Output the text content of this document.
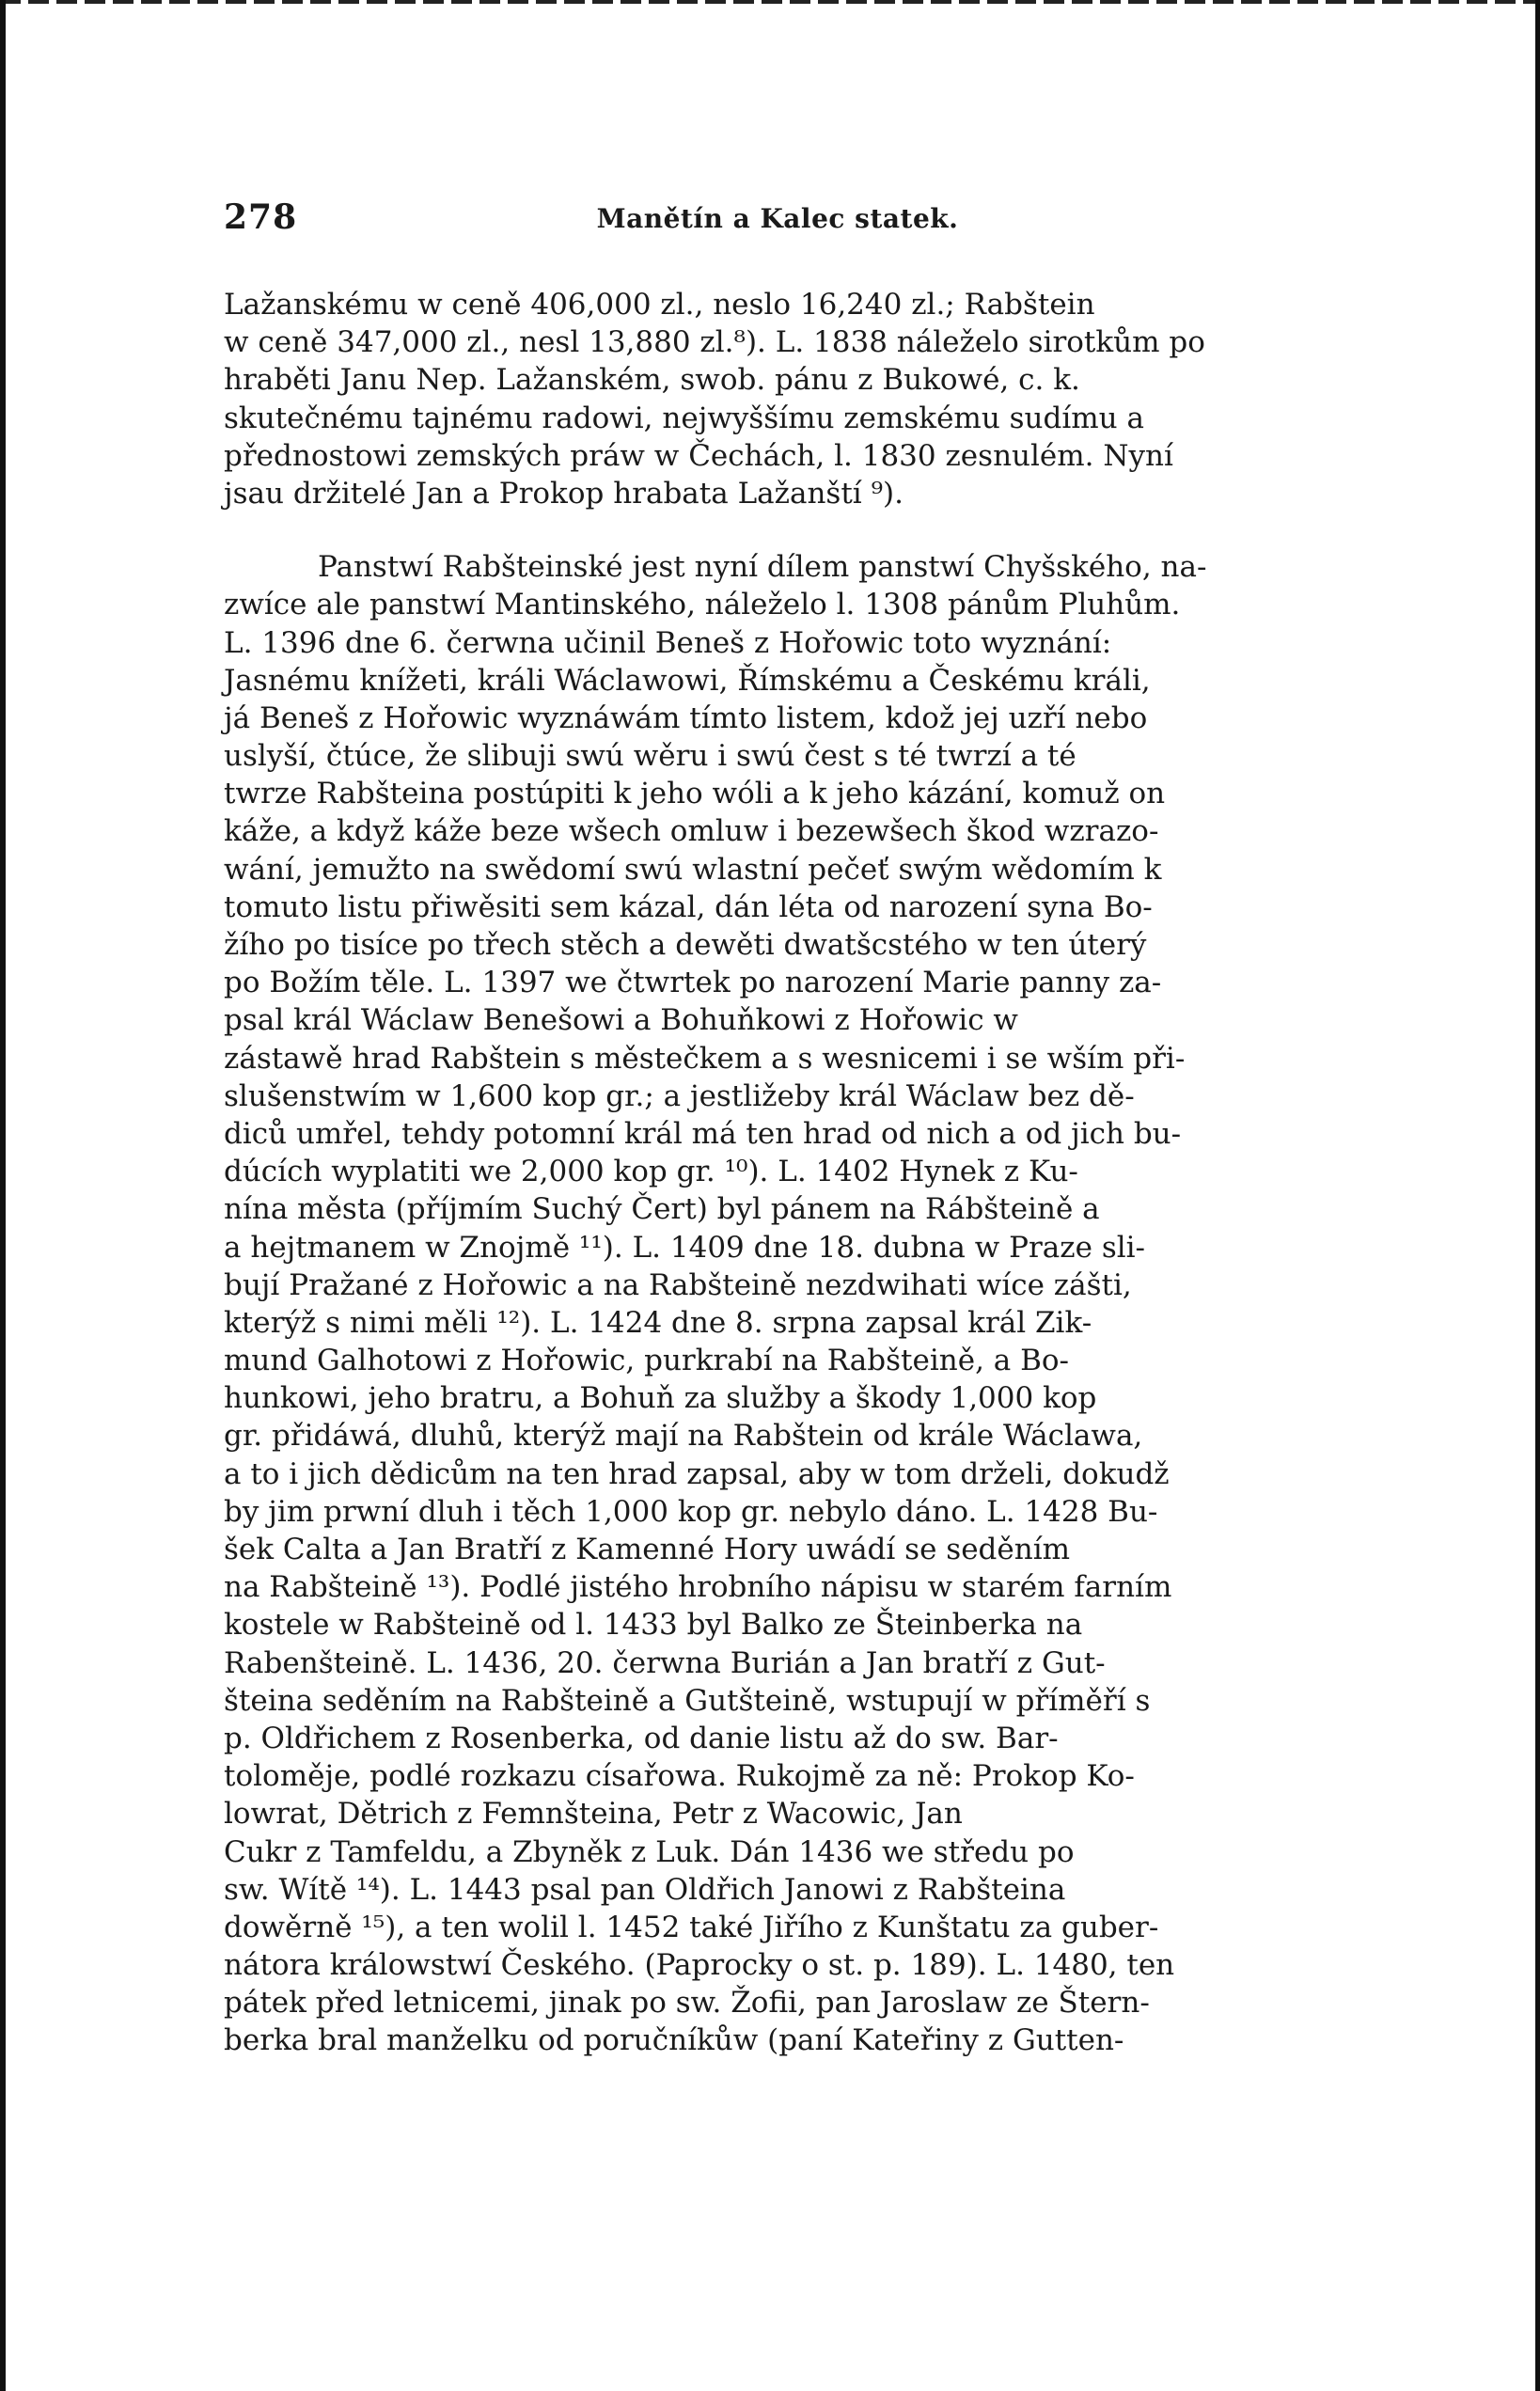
278	Manětín a Kalec statek.
Lažanskému w ceně 406,000 zl., neslo 16,240 zl.; Rabštein
w ceně 347,000 zl., nesl 13,880 zl.⁸). L. 1838 náleželo sirotkům po
hraběti Janu Nep. Lažanském, swob. pánu z Bukowé, c. k.
skutečnému tajnému radowi, nejwyššímu zemskému sudímu a
přednostowi zemských práw w Čechách, l. 1830 zesnulém. Nyní
jsau držitelé Jan a Prokop hrabata Lažanští ⁹).
Panstwí Rabšteinské jest nyní dílem panstwí Chyšského, na-
zwíce ale panstwí Mantinského, náleželo l. 1308 pánům Pluhům.
L. 1396 dne 6. čerwna učinil Beneš z Hořowic toto wyznání:
Jasnému knížeti, králi Wáclawowi, Římskému a Českému králi,
já Beneš z Hořowic wyznáwám tímto listem, kdož jej uzří nebo
uslyší, čtúce, že slibuji swú wěru i swú čest s té twrzí a té
twrze Rabšteina postúpiti k jeho wóli a k jeho kázání, komuž on
káže, a když káže beze wšech omluw i bezewšech škod wzrazo-
wání, jemužto na swědomí swú wlastní pečeť swým wědomím k
tomuto listu přiwěsiti sem kázal, dán léta od narození syna Bo-
žího po tisíce po třech stěch a dewěti dwatšcstého w ten úterý
po Božím těle. L. 1397 we čtwrtek po narození Marie panny za-
psal král Wáclaw Benešowi a Bohuňkowi z Hořowic w
zástawě hrad Rabštein s městečkem a s wesnicemi i se wším při-
slušenstwím w 1,600 kop gr.; a jestližeby král Wáclaw bez dě-
diců umřel, tehdy potomní král má ten hrad od nich a od jich bu-
dúcích wyplatiti we 2,000 kop gr. ¹⁰). L. 1402 Hynek z Ku-
nína města (příjmím Suchý Čert) byl pánem na Rábšteině a
a hejtmanem w Znojmě ¹¹). L. 1409 dne 18. dubna w Praze sli-
bují Pražané z Hořowic a na Rabšteině nezdwihati wíce zášti,
kterýž s nimi měli ¹²). L. 1424 dne 8. srpna zapsal král Zik-
mund Galhotowi z Hořowic, purkrabí na Rabšteině, a Bo-
hunkowi, jeho bratru, a Bohuň za služby a škody 1,000 kop
gr. přidáwá, dluhů, kterýž mají na Rabštein od krále Wáclawa,
a to i jich dědicům na ten hrad zapsal, aby w tom drželi, dokudž
by jim prwní dluh i těch 1,000 kop gr. nebylo dáno. L. 1428 Bu-
šek Calta a Jan Bratří z Kamenné Hory uwádí se seděním
na Rabšteině ¹³). Podlé jistého hrobního nápisu w starém farním
kostele w Rabšteině od l. 1433 byl Balko ze Šteinberka na
Rabenšteině. L. 1436, 20. čerwna Burián a Jan bratří z Gut-
šteina seděním na Rabšteině a Gutšteině, wstupují w příměří s
p. Oldřichem z Rosenberka, od danie listu až do sw. Bar-
toloměje, podlé rozkazu císařowa. Rukojmě za ně: Prokop Ko-
lowrat, Dětrich z Femnšteina, Petr z Wacowic, Jan
Cukr z Tamfeldu, a Zbyněk z Luk. Dán 1436 we středu po
sw. Wítě ¹⁴). L. 1443 psal pan Oldřich Janowi z Rabšteina
dowěrně ¹⁵), a ten wolil l. 1452 také Jiřího z Kunštatu za guber-
nátora králowstwí Českého. (Paprocky o st. p. 189). L. 1480, ten
pátek před letnicemi, jinak po sw. Žofii, pan Jaroslaw ze Štern-
berka bral manželku od poručníkůw (paní Kateřiny z Gutten-
